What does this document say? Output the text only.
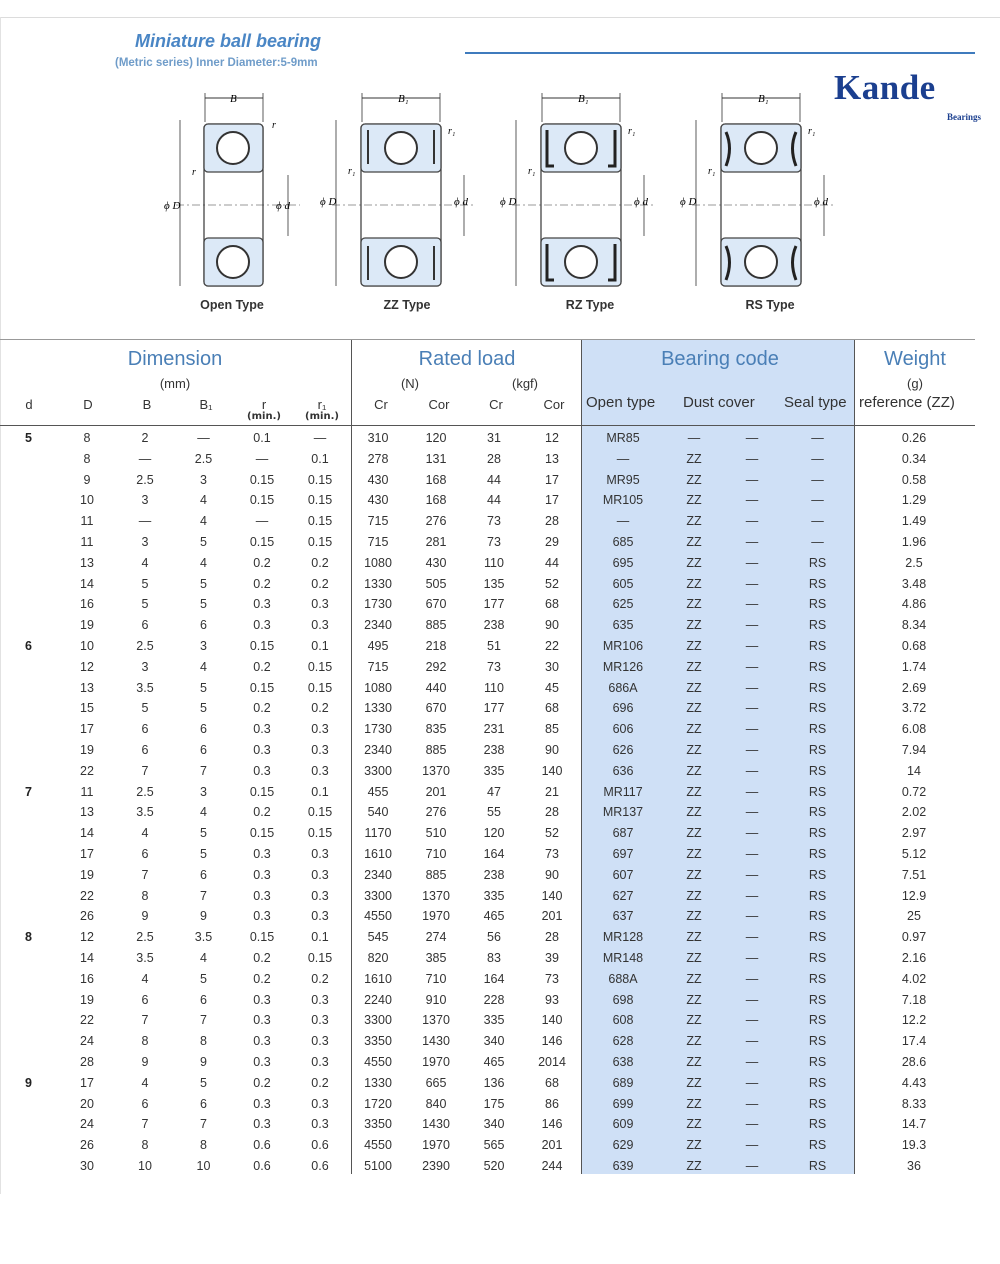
Miniature ball bearing
(Metric series) Inner Diameter:5-9mm
Kande
Bearings
B
ϕ D	ϕ d
r
r
B₁
ϕ D	ϕ d
r₁
r₁
B₁
ϕ D	ϕ d
r₁
r₁
B₁
ϕ D	ϕ d
r₁
r₁
Open Type	ZZ Type	RZ Type	RS Type
Dimension
(mm)
Rated load
(N)	(kgf)
Bearing code	Weight
(g)
d	D	B	B₁	r
(min.)
r₁
(min.)
Cr	Cor	Cr	Cor	Open type Dust cover Seal type reference (ZZ)
5	8	2	—	0.1	—	310	120	31	12	MR85	—	—	—	0.26
	8	—	2.5	—	0.1	278	131	28	13	—	ZZ	—	—	0.34
	9	2.5	3	0.15	0.15	430	168	44	17	MR95	ZZ	—	—	0.58
	10	3	4	0.15	0.15	430	168	44	17	MR105	ZZ	—	—	1.29
	11	—	4	—	0.15	715	276	73	28	—	ZZ	—	—	1.49
	11	3	5	0.15	0.15	715	281	73	29	685	ZZ	—	—	1.96
	13	4	4	0.2	0.2	1080	430	110	44	695	ZZ	—	RS	2.5
	14	5	5	0.2	0.2	1330	505	135	52	605	ZZ	—	RS	3.48
	16	5	5	0.3	0.3	1730	670	177	68	625	ZZ	—	RS	4.86
	19	6	6	0.3	0.3	2340	885	238	90	635	ZZ	—	RS	8.34
6	10	2.5	3	0.15	0.1	495	218	51	22	MR106	ZZ	—	RS	0.68
	12	3	4	0.2	0.15	715	292	73	30	MR126	ZZ	—	RS	1.74
	13	3.5	5	0.15	0.15	1080	440	110	45	686A	ZZ	—	RS	2.69
	15	5	5	0.2	0.2	1330	670	177	68	696	ZZ	—	RS	3.72
	17	6	6	0.3	0.3	1730	835	231	85	606	ZZ	—	RS	6.08
	19	6	6	0.3	0.3	2340	885	238	90	626	ZZ	—	RS	7.94
	22	7	7	0.3	0.3	3300	1370	335	140	636	ZZ	—	RS	14
7	11	2.5	3	0.15	0.1	455	201	47	21	MR117	ZZ	—	RS	0.72
	13	3.5	4	0.2	0.15	540	276	55	28	MR137	ZZ	—	RS	2.02
	14	4	5	0.15	0.15	1170	510	120	52	687	ZZ	—	RS	2.97
	17	6	5	0.3	0.3	1610	710	164	73	697	ZZ	—	RS	5.12
	19	7	6	0.3	0.3	2340	885	238	90	607	ZZ	—	RS	7.51
	22	8	7	0.3	0.3	3300	1370	335	140	627	ZZ	—	RS	12.9
	26	9	9	0.3	0.3	4550	1970	465	201	637	ZZ	—	RS	25
8	12	2.5	3.5	0.15	0.1	545	274	56	28	MR128	ZZ	—	RS	0.97
	14	3.5	4	0.2	0.15	820	385	83	39	MR148	ZZ	—	RS	2.16
	16	4	5	0.2	0.2	1610	710	164	73	688A	ZZ	—	RS	4.02
	19	6	6	0.3	0.3	2240	910	228	93	698	ZZ	—	RS	7.18
	22	7	7	0.3	0.3	3300	1370	335	140	608	ZZ	—	RS	12.2
	24	8	8	0.3	0.3	3350	1430	340	146	628	ZZ	—	RS	17.4
	28	9	9	0.3	0.3	4550	1970	465	2014	638	ZZ	—	RS	28.6
9	17	4	5	0.2	0.2	1330	665	136	68	689	ZZ	—	RS	4.43
	20	6	6	0.3	0.3	1720	840	175	86	699	ZZ	—	RS	8.33
	24	7	7	0.3	0.3	3350	1430	340	146	609	ZZ	—	RS	14.7
	26	8	8	0.6	0.6	4550	1970	565	201	629	ZZ	—	RS	19.3
	30	10	10	0.6	0.6	5100	2390	520	244	639	ZZ	—	RS	36
